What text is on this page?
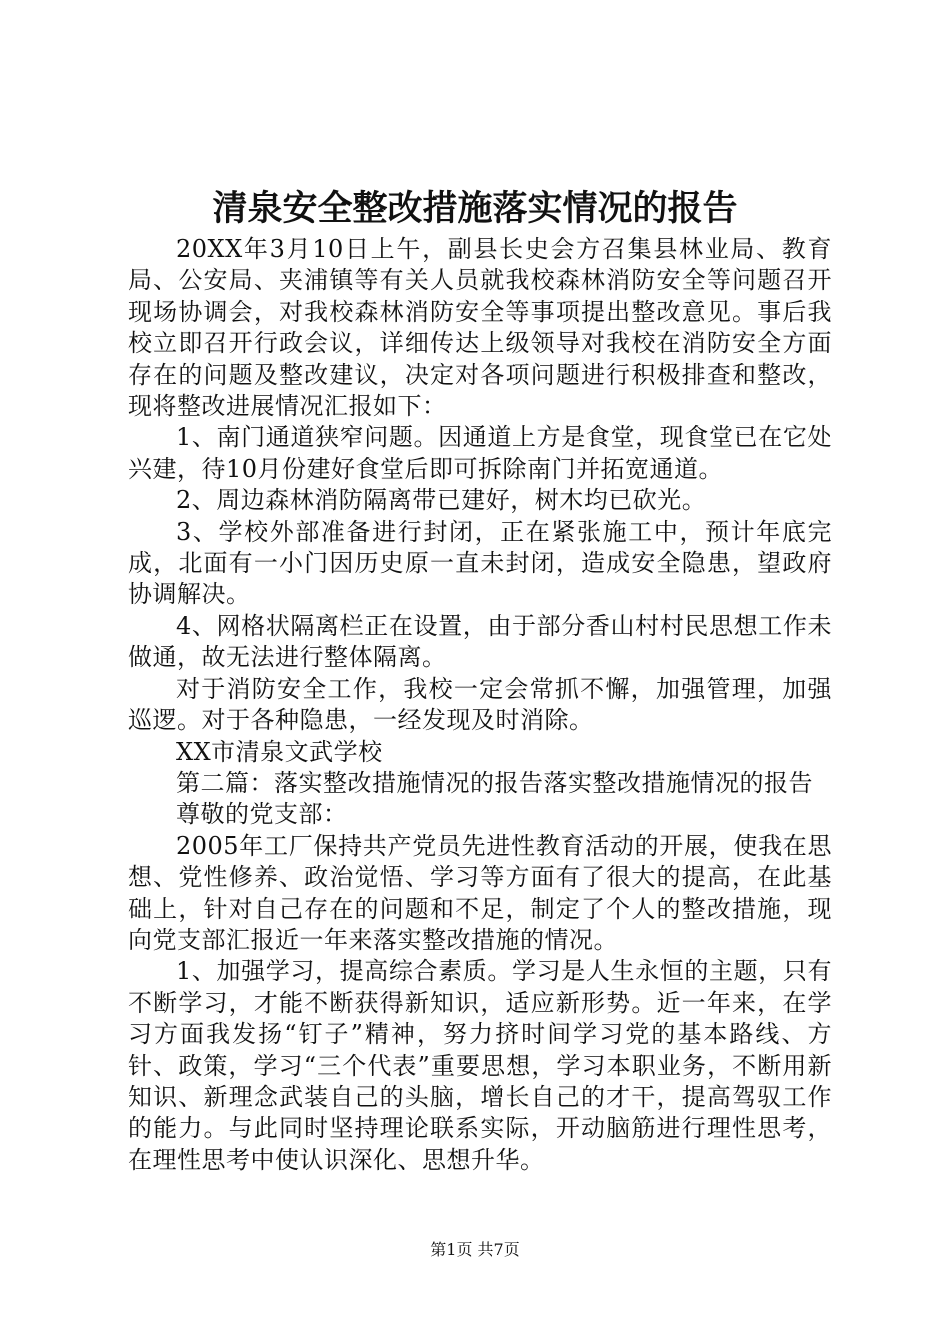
清泉安全整改措施落实情况的报告

20XX年3月10日上午，副县长史会方召集县林业局、教育局、公安局、夹浦镇等有关人员就我校森林消防安全等问题召开现场协调会，对我校森林消防安全等事项提出整改意见。事后我校立即召开行政会议，详细传达上级领导对我校在消防安全方面存在的问题及整改建议，决定对各项问题进行积极排查和整改，现将整改进展情况汇报如下：

1、南门通道狭窄问题。因通道上方是食堂，现食堂已在它处兴建，待10月份建好食堂后即可拆除南门并拓宽通道。

2、周边森林消防隔离带已建好，树木均已砍光。

3、学校外部准备进行封闭，正在紧张施工中，预计年底完成，北面有一小门因历史原一直未封闭，造成安全隐患，望政府协调解决。

4、网格状隔离栏正在设置，由于部分香山村村民思想工作未做通，故无法进行整体隔离。

对于消防安全工作，我校一定会常抓不懈，加强管理，加强巡逻。对于各种隐患，一经发现及时消除。

XX市清泉文武学校

第二篇：落实整改措施情况的报告落实整改措施情况的报告

尊敬的党支部：

2005年工厂保持共产党员先进性教育活动的开展，使我在思想、党性修养、政治觉悟、学习等方面有了很大的提高，在此基础上，针对自己存在的问题和不足，制定了个人的整改措施，现向党支部汇报近一年来落实整改措施的情况。

1、加强学习，提高综合素质。学习是人生永恒的主题，只有不断学习，才能不断获得新知识，适应新形势。近一年来，在学习方面我发扬“钉子”精神，努力挤时间学习党的基本路线、方针、政策，学习“三个代表”重要思想，学习本职业务，不断用新知识、新理念武装自己的头脑，增长自己的才干，提高驾驭工作的能力。与此同时坚持理论联系实际，开动脑筋进行理性思考，在理性思考中使认识深化、思想升华。

第1页 共7页
